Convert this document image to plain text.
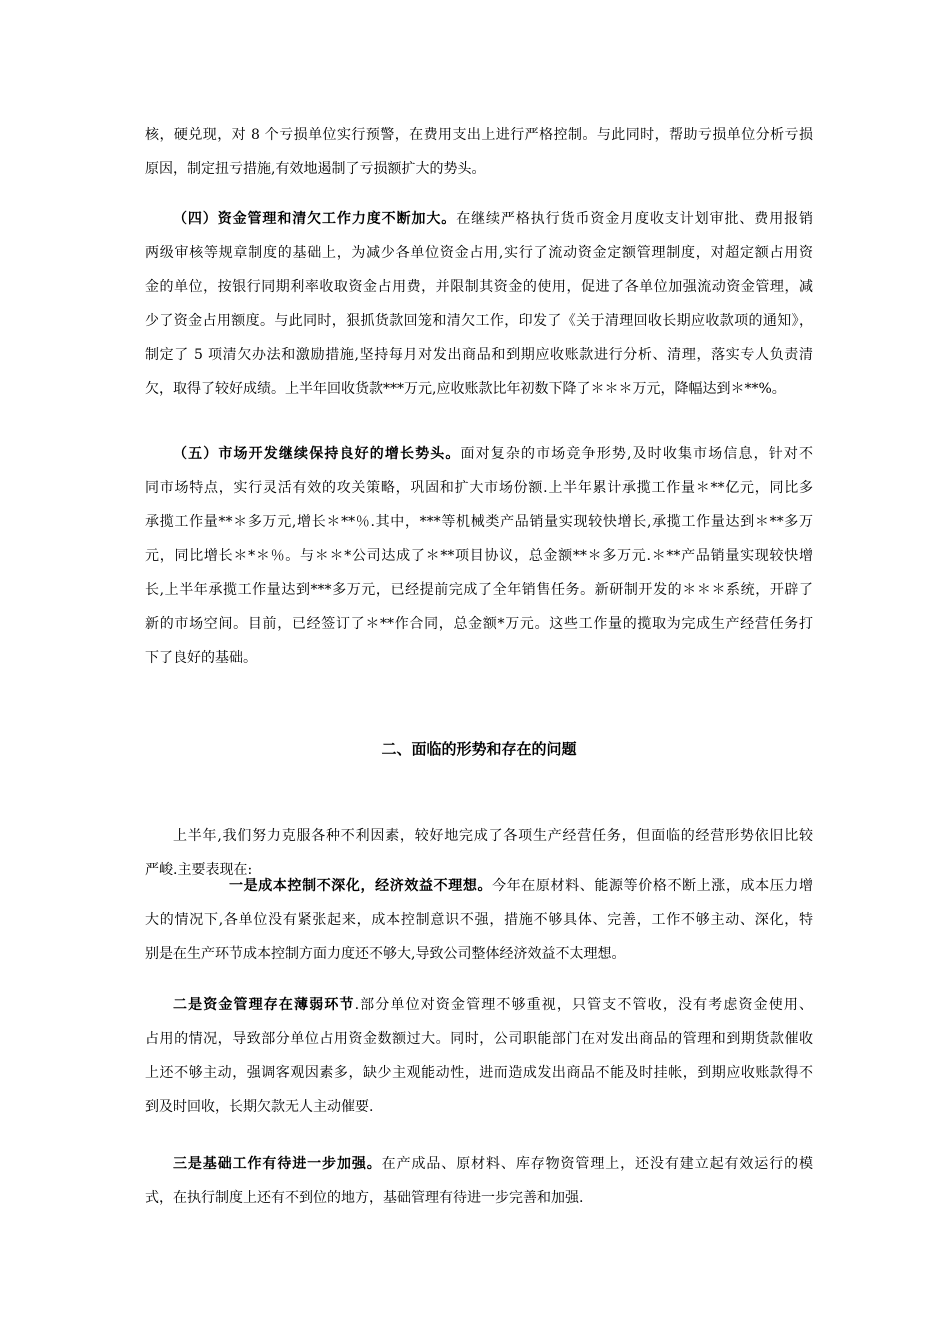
核，硬兑现，对 8 个亏损单位实行预警，在费用支出上进行严格控制。与此同时，帮助亏损单位分析亏损
原因，制定扭亏措施,有效地遏制了亏损额扩大的势头。
（四）资金管理和清欠工作力度不断加大。在继续严格执行货币资金月度收支计划审批、费用报销
两级审核等规章制度的基础上，为减少各单位资金占用,实行了流动资金定额管理制度，对超定额占用资
金的单位，按银行同期利率收取资金占用费，并限制其资金的使用，促进了各单位加强流动资金管理，减
少了资金占用额度。与此同时，狠抓货款回笼和清欠工作，印发了《关于清理回收长期应收款项的通知》，
制定了 5 项清欠办法和激励措施,坚持每月对发出商品和到期应收账款进行分析、清理，落实专人负责清
欠，取得了较好成绩。上半年回收货款***万元,应收账款比年初数下降了＊＊＊万元，降幅达到＊**%。
（五）市场开发继续保持良好的增长势头。面对复杂的市场竞争形势,及时收集市场信息，针对不
同市场特点，实行灵活有效的攻关策略，巩固和扩大市场份额.上半年累计承揽工作量＊**亿元，同比多
承揽工作量**＊多万元,增长＊**％.其中，***等机械类产品销量实现较快增长,承揽工作量达到＊**多万
元，同比增长＊*＊％。与＊＊*公司达成了＊**项目协议，总金额**＊多万元.＊**产品销量实现较快增
长,上半年承揽工作量达到***多万元，已经提前完成了全年销售任务。新研制开发的＊＊＊系统，开辟了
新的市场空间。目前，已经签订了＊**作合同，总金额*万元。这些工作量的揽取为完成生产经营任务打
下了良好的基础。
二、面临的形势和存在的问题
上半年,我们努力克服各种不利因素，较好地完成了各项生产经营任务，但面临的经营形势依旧比较
严峻.主要表现在:
一是成本控制不深化，经济效益不理想。今年在原材料、能源等价格不断上涨，成本压力增
大的情况下,各单位没有紧张起来，成本控制意识不强，措施不够具体、完善，工作不够主动、深化，特
别是在生产环节成本控制方面力度还不够大,导致公司整体经济效益不太理想。
二是资金管理存在薄弱环节.部分单位对资金管理不够重视，只管支不管收，没有考虑资金使用、
占用的情况，导致部分单位占用资金数额过大。同时，公司职能部门在对发出商品的管理和到期货款催收
上还不够主动，强调客观因素多，缺少主观能动性，进而造成发出商品不能及时挂帐，到期应收账款得不
到及时回收，长期欠款无人主动催要.
三是基础工作有待进一步加强。在产成品、原材料、库存物资管理上，还没有建立起有效运行的模
式，在执行制度上还有不到位的地方，基础管理有待进一步完善和加强.
